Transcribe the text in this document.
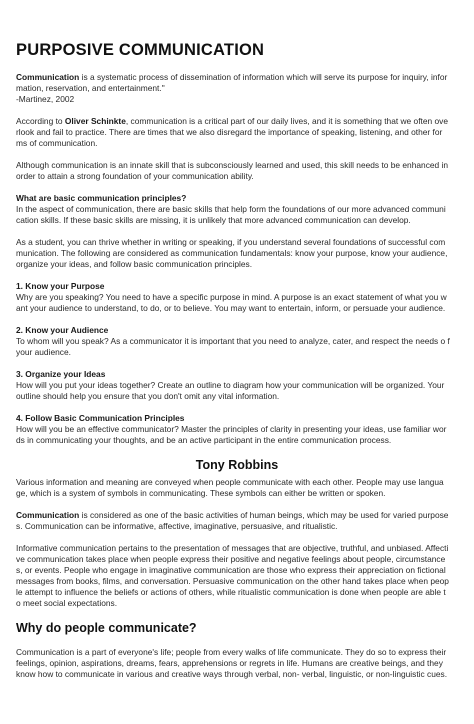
PURPOSIVE COMMUNICATION

Communication is a systematic process of dissemination of information which will serve its purpose for inquiry, infor

mation, reservation, and entertainment."

-Martinez, 2002

According to Oliver Schinkte, communication is a critical part of our daily lives, and it is something that we often ove

rlook and fail to practice. There are times that we also disregard the importance of speaking, listening, and other for

ms of communication.

Although communication is an innate skill that is subconsciously learned and used, this skill needs to be enhanced in

order to attain a strong foundation of your communication ability.

What are basic communication principles?

In the aspect of communication, there are basic skills that help form the foundations of our more advanced communi

cation skills. If these basic skills are missing, it is unlikely that more advanced communication can develop.

As a student, you can thrive whether in writing or speaking, if you understand several foundations of successful com

munication. The following are considered as communication fundamentals: know your purpose, know your audience,

organize your ideas, and follow basic communication principles.

1. Know your Purpose

Why are you speaking? You need to have a specific purpose in mind. A purpose is an exact statement of what you w

ant your audience to understand, to do, or to believe. You may want to entertain, inform, or persuade your audience.

2. Know your Audience

To whom will you speak? As a communicator it is important that you need to analyze, cater, and respect the needs o f

your audience.

3. Organize your Ideas

How will you put your ideas together? Create an outline to diagram how your communication will be organized. Your

outline should help you ensure that you don't omit any vital information.

4. Follow Basic Communication Principles

How will you be an effective communicator? Master the principles of clarity in presenting your ideas, use familiar wor

ds in communicating your thoughts, and be an active participant in the entire communication process.

Tony Robbins

Various information and meaning are conveyed when people communicate with each other. People may use langua

ge, which is a system of symbols in communicating. These symbols can either be written or spoken.

Communication is considered as one of the basic activities of human beings, which may be used for varied purpose

s. Communication can be informative, affective, imaginative, persuasive, and ritualistic.

Informative communication pertains to the presentation of messages that are objective, truthful, and unbiased. Affecti

ve communication takes place when people express their positive and negative feelings about people, circumstance

s, or events. People who engage in imaginative communication are those who express their appreciation on fictional

messages from books, films, and conversation. Persuasive communication on the other hand takes place when peop

le attempt to influence the beliefs or actions of others, while ritualistic communication is done when people are able t

o meet social expectations.

Why do people communicate?

Communication is a part of everyone's life; people from every walks of life communicate. They do so to express their

feelings, opinion, aspirations, dreams, fears, apprehensions or regrets in life. Humans are creative beings, and they

know how to communicate in various and creative ways through verbal, non- verbal, linguistic, or non-linguistic cues.
